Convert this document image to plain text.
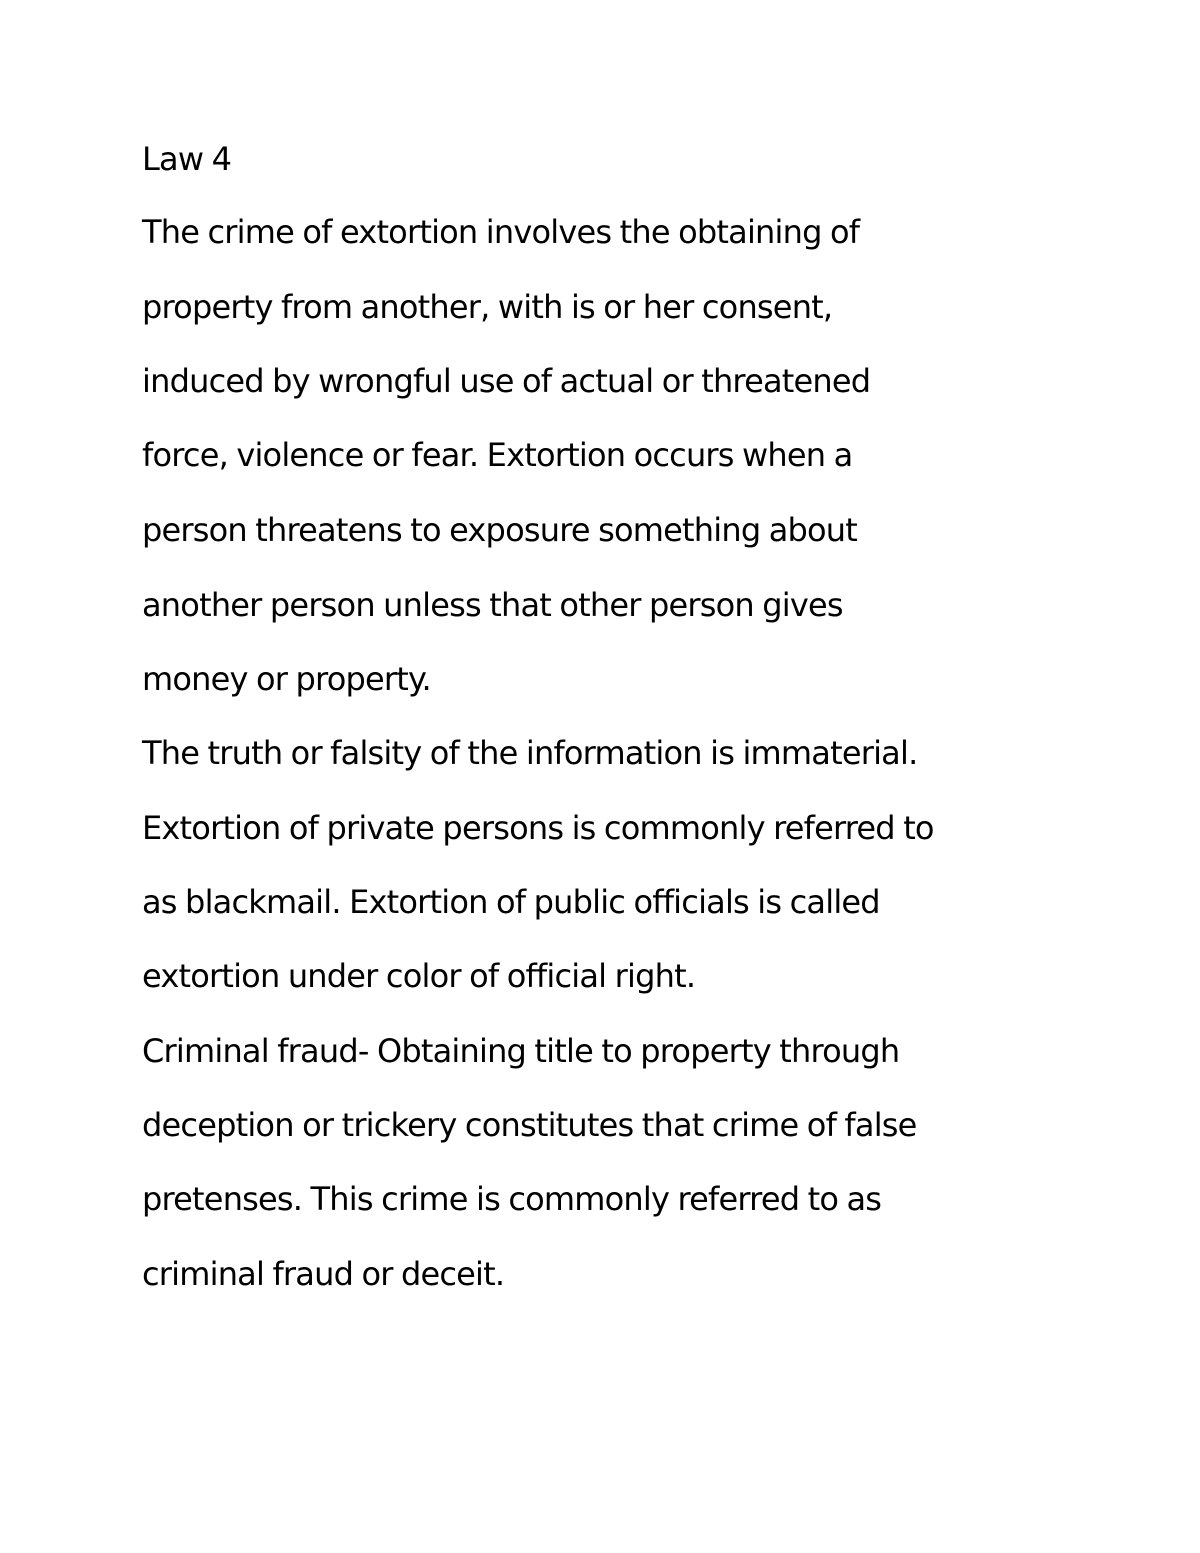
Law 4
The crime of extortion involves the obtaining of
property from another, with is or her consent,
induced by wrongful use of actual or threatened
force, violence or fear. Extortion occurs when a
person threatens to exposure something about
another person unless that other person gives
money or property.
The truth or falsity of the information is immaterial.
Extortion of private persons is commonly referred to
as blackmail. Extortion of public officials is called
extortion under color of official right.
Criminal fraud- Obtaining title to property through
deception or trickery constitutes that crime of false
pretenses. This crime is commonly referred to as
criminal fraud or deceit.
